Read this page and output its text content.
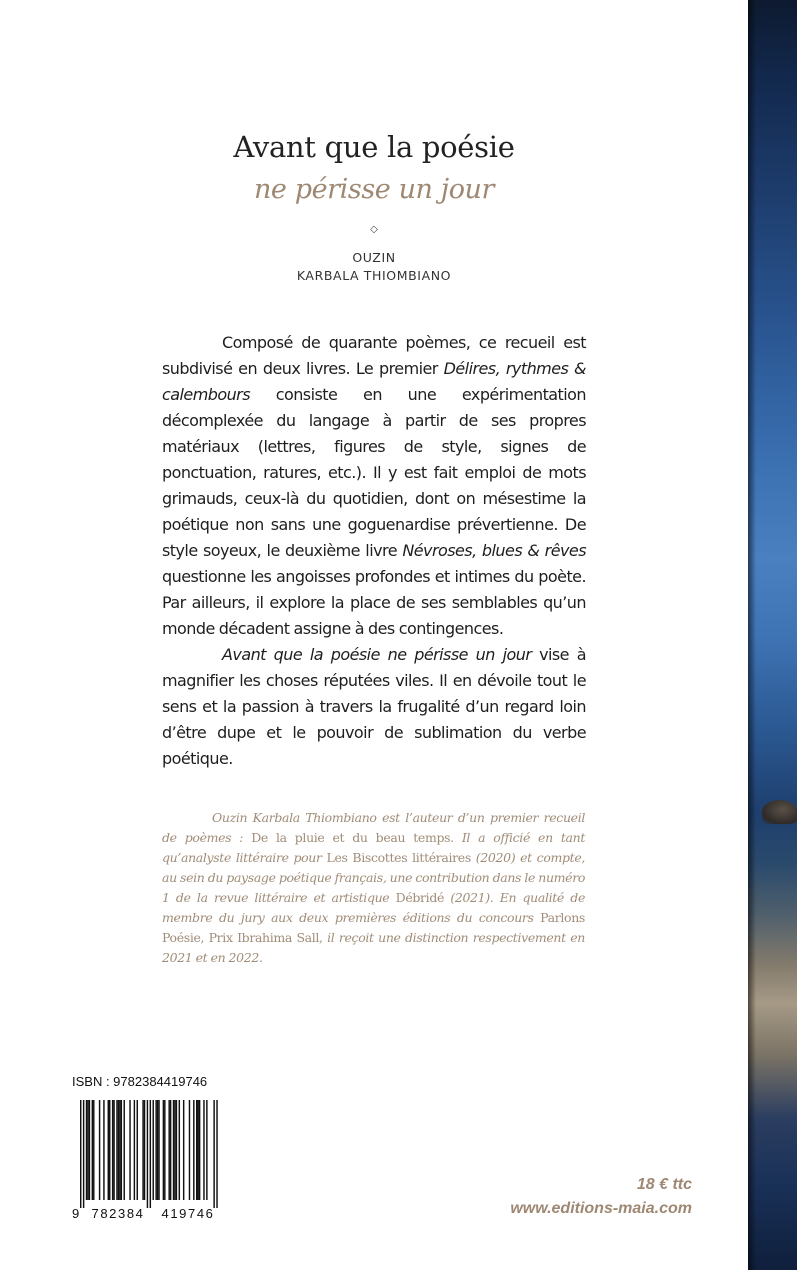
Avant que la poésie
ne périsse un jour
◇
OUZIN
KARBALA THIOMBIANO

Composé de quarante poèmes, ce recueil est subdivisé en deux livres. Le premier Délires, rythmes & calembours consiste en une expérimentation décomplexée du langage à partir de ses propres matériaux (lettres, figures de style, signes de ponctuation, ratures, etc.). Il y est fait emploi de mots grimauds, ceux-là du quotidien, dont on mésestime la poétique non sans une goguenardise prévertienne. De style soyeux, le deuxième livre Névroses, blues & rêves questionne les angoisses profondes et intimes du poète. Par ailleurs, il explore la place de ses semblables qu’un monde décadent assigne à des contingences.

Avant que la poésie ne périsse un jour vise à magnifier les choses réputées viles. Il en dévoile tout le sens et la passion à travers la frugalité d’un regard loin d’être dupe et le pouvoir de sublimation du verbe poétique.

Ouzin Karbala Thiombiano est l’auteur d’un premier recueil de poèmes : De la pluie et du beau temps. Il a officié en tant qu’analyste littéraire pour Les Biscottes littéraires (2020) et compte, au sein du paysage poétique français, une contribution dans le numéro 1 de la revue littéraire et artistique Débridé (2021). En qualité de membre du jury aux deux premières éditions du concours Parlons Poésie, Prix Ibrahima Sall, il reçoit une distinction respectivement en 2021 et en 2022.

ISBN : 9782384419746
9 782384 419746
18 € ttc
www.editions-maia.com
